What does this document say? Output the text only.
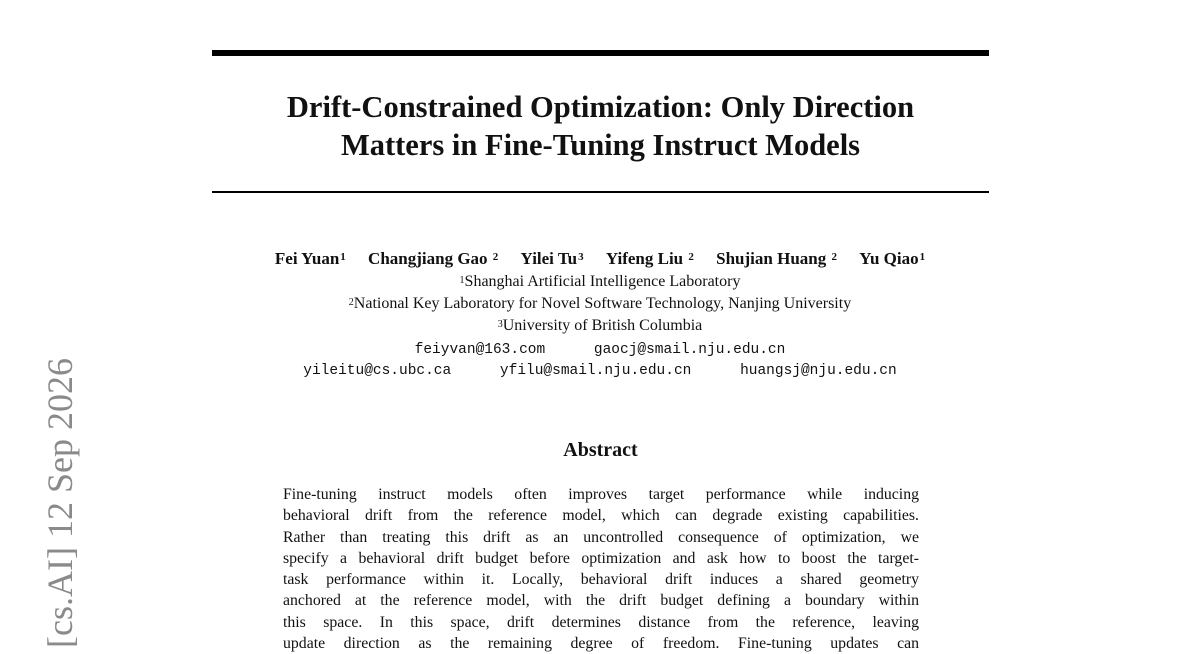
Drift-Constrained Optimization: Only Direction
Matters in Fine-Tuning Instruct Models
Fei Yuan$^1$ Changjiang Gao $^2$ Yilei Tu$^3$ Yifeng Liu $^2$ Shujian Huang $^2$ Yu Qiao$^1$
$^1$Shanghai Artificial Intelligence Laboratory
$^2$National Key Laboratory for Novel Software Technology, Nanjing University
$^3$University of British Columbia
feiyvan@163.com	gaocj@smail.nju.edu.cn
yileitu@cs.ubc.ca	yfilu@smail.nju.edu.cn	huangsj@nju.edu.cn
Abstract
Fine-tuning instruct models often improves target performance while inducing
behavioral drift from the reference model, which can degrade existing capabilities.
Rather than treating this drift as an uncontrolled consequence of optimization, we
specify a behavioral drift budget before optimization and ask how to boost the target-
task performance within it. Locally, behavioral drift induces a shared geometry
anchored at the reference model, with the drift budget defining a boundary within
this space. In this space, drift determines distance from the reference, leaving
update direction as the remaining degree of freedom. Fine-tuning updates can
[cs.AI] 12 Sep 2026
